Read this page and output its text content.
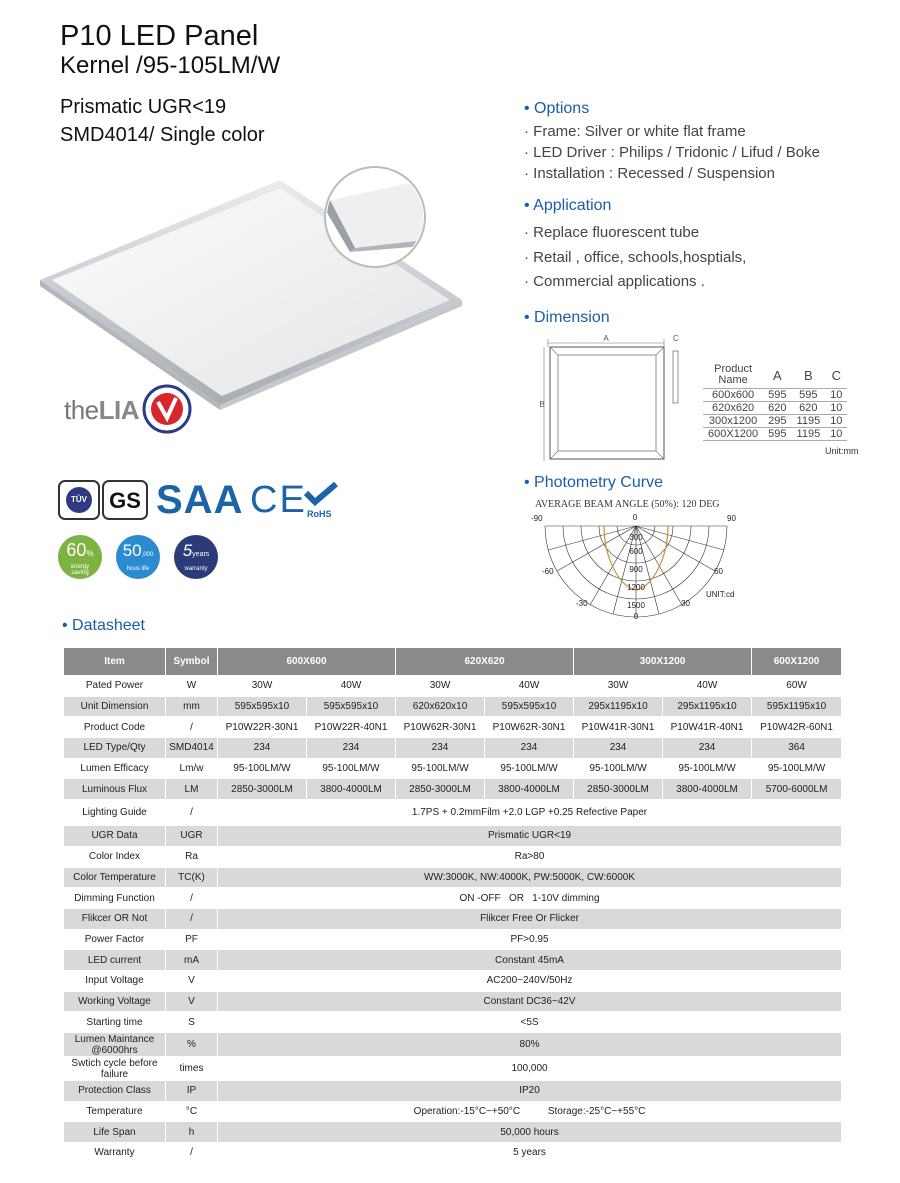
P10 LED Panel
Kernel /95-105LM/W
Prismatic UGR<19
SMD4014/ Single color
theLIA
TÜV GS SAA CE RoHS
60%
energy
saving
50,000
hous life
5years
warranty
• Options
· Frame: Silver or white flat frame
· LED Driver : Philips / Tridonic / Lifud / Boke
· Installation : Recessed / Suspension
• Application
· Replace fluorescent tube
· Retail , office, schools,hosptials,
· Commercial applications .
• Dimension
A
B
C
Product Name	A	B	C
600x600	595	595	10
620x620	620	620	10
300x1200	295	1195	10
600X1200	595	1195	10
Unit:mm
• Photometry Curve
AVERAGE BEAM ANGLE (50%): 120 DEG
0
-90	90
-60	60
-30	30
0
300
600
900
1200
1500
UNIT:cd
• Datasheet
Item	Symbol	600X600		620X620		300X1200		600X1200
Pated Power	W	30W	40W	30W	40W	30W	40W	60W
Unit Dimension	mm	595x595x10	595x595x10	620x620x10	595x595x10	295x1195x10	295x1195x10	595x1195x10
Product Code	/	P10W22R-30N1	P10W22R-40N1	P10W62R-30N1	P10W62R-30N1	P10W41R-30N1	P10W41R-40N1	P10W42R-60N1
LED Type/Qty	SMD4014	234	234	234	234	234	234	364
Lumen Efficacy	Lm/w	95-100LM/W	95-100LM/W	95-100LM/W	95-100LM/W	95-100LM/W	95-100LM/W	95-100LM/W
Luminous Flux	LM	2850-3000LM	3800-4000LM	2850-3000LM	3800-4000LM	2850-3000LM	3800-4000LM	5700-6000LM
Lighting Guide	/	1.7PS + 0.2mmFilm +2.0 LGP +0.25 Refective Paper						
UGR Data	UGR	Prismatic UGR<19						
Color Index	Ra	Ra>80						
Color Temperature	TC(K)	WW:3000K, NW:4000K, PW:5000K, CW:6000K						
Dimming Function	/	ON -OFF   OR   1-10V dimming						
Flikcer OR Not	/	Flikcer Free Or Flicker						
Power Factor	PF	PF>0.95						
LED current	mA	Constant 45mA						
Input Voltage	V	AC200~240V/50Hz						
Working Voltage	V	Constant DC36~42V						
Starting time	S	<5S						
Lumen Maintance @6000hrs	%	80%						
Swtich cycle before failure	times	100,000						
Protection Class	IP	IP20						
Temperature	°C	Operation:-15°C~+50°C          Storage:-25°C~+55°C						
Life Span	h	50,000 hours						
Warranty	/	5 years						
